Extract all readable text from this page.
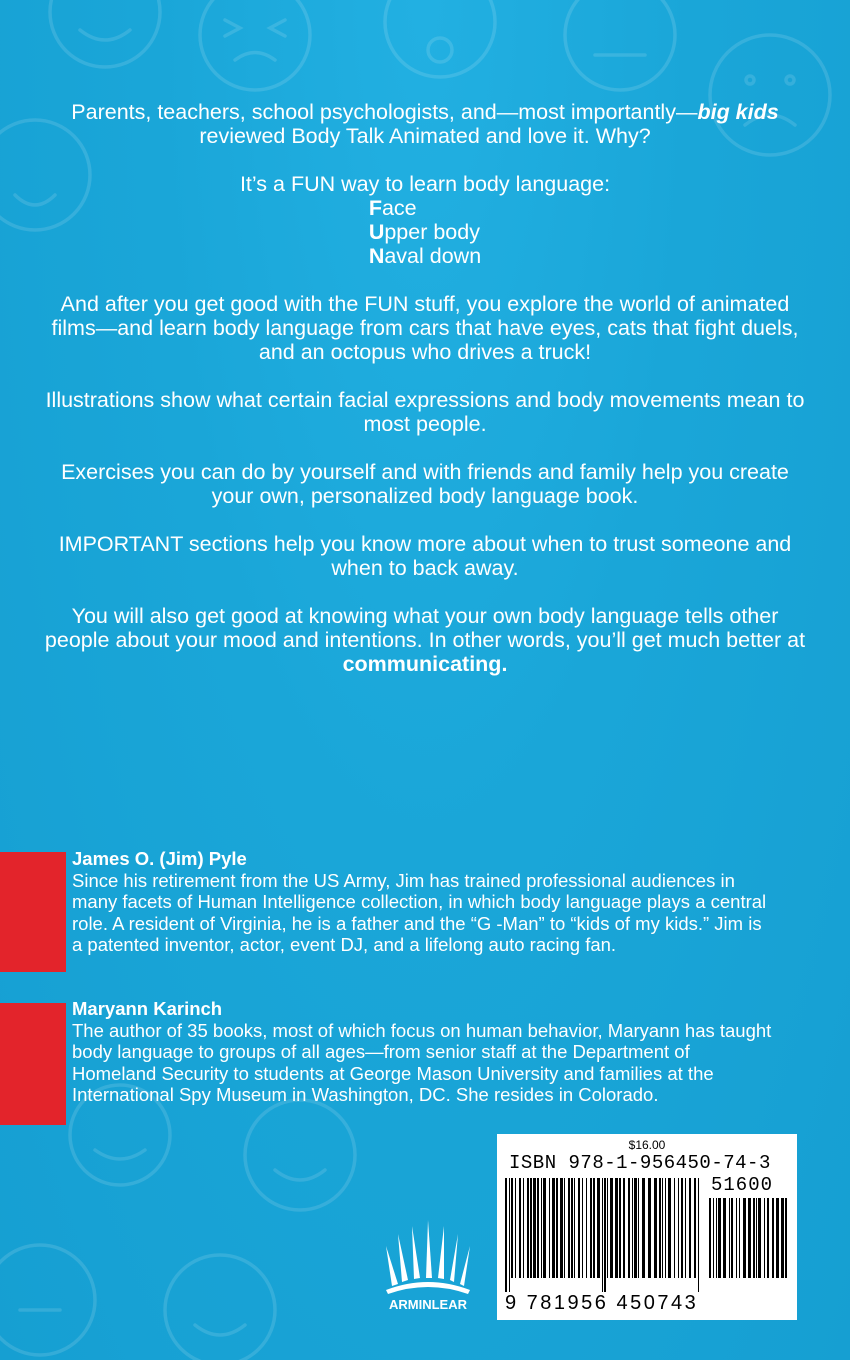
Parents, teachers, school psychologists, and—most importantly—big kids reviewed Body Talk Animated and love it. Why?

It’s a FUN way to learn body language:

Face
Upper body
Naval down

And after you get good with the FUN stuff, you explore the world of animated films—and learn body language from cars that have eyes, cats that fight duels, and an octopus who drives a truck!

Illustrations show what certain facial expressions and body movements mean to most people.

Exercises you can do by yourself and with friends and family help you create your own, personalized body language book.

IMPORTANT sections help you know more about when to trust someone and when to back away.

You will also get good at knowing what your own body language tells other people about your mood and intentions. In other words, you’ll get much better at communicating.

James O. (Jim) Pyle
Since his retirement from the US Army, Jim has trained professional audiences in many facets of Human Intelligence collection, in which body language plays a central role. A resident of Virginia, he is a father and the “G -Man” to “kids of my kids.” Jim is a patented inventor, actor, event DJ, and a lifelong auto racing fan.
Maryann Karinch
The author of 35 books, most of which focus on human behavior, Maryann has taught body language to groups of all ages—from senior staff at the Department of Homeland Security to students at George Mason University and families at the International Spy Museum in Washington, DC. She resides in Colorado.
ARMINLEAR
$16.00
ISBN 978-1-956450-74-3
51600
9 781956 450743
